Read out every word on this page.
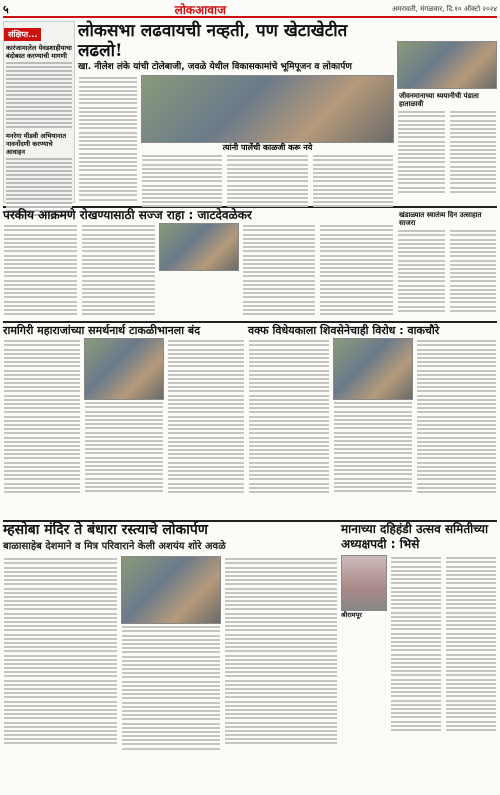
५	लोकआवाज	अमरावती, मंगळवार, दि.१० ऑक्टो २०२४
संक्षिप्त...
कारंजामालेल येवडशाहीयाचा बंदोबस्त करण्याची मागणी
मनरेगा मीडवी अभियानात नावनोंदणी करण्याचे आवाहन
लोकसभा लढवायची नव्हती, पण खेटाखेटीत लढलो!
खा. नीलेश लंके यांची टोलेबाजी, जवळे येथील विकासकामांचे भूमिपूजन व लोकार्पण
त्यांनी पालेंची काळजी करू नये
जीवनमानाच्या ध्ययानीची पंडाता हाताळावी
परकीय आक्रमणे रोखण्यासाठी सज्ज राहा : जाटदेवळेकर	खंडाळ्यात स्वातंत्र्य दिन उत्साहात साजरा
रामगिरी महाराजांच्या समर्थनार्थ टाकळीभानला बंद	वक्फ विधेयकाला शिवसेनेचाही विरोध : वाकचौरे
म्हसोबा मंदिर ते बंधारा रस्त्याचे लोकार्पण
बाळासाहेब देशमाने व मित्र परिवाराने केली अशयंय शोरे अवळे
मानाच्या दहिहंडी उत्सव समितीच्या अध्यक्षपदी : भिसे
श्रीरामपूर
